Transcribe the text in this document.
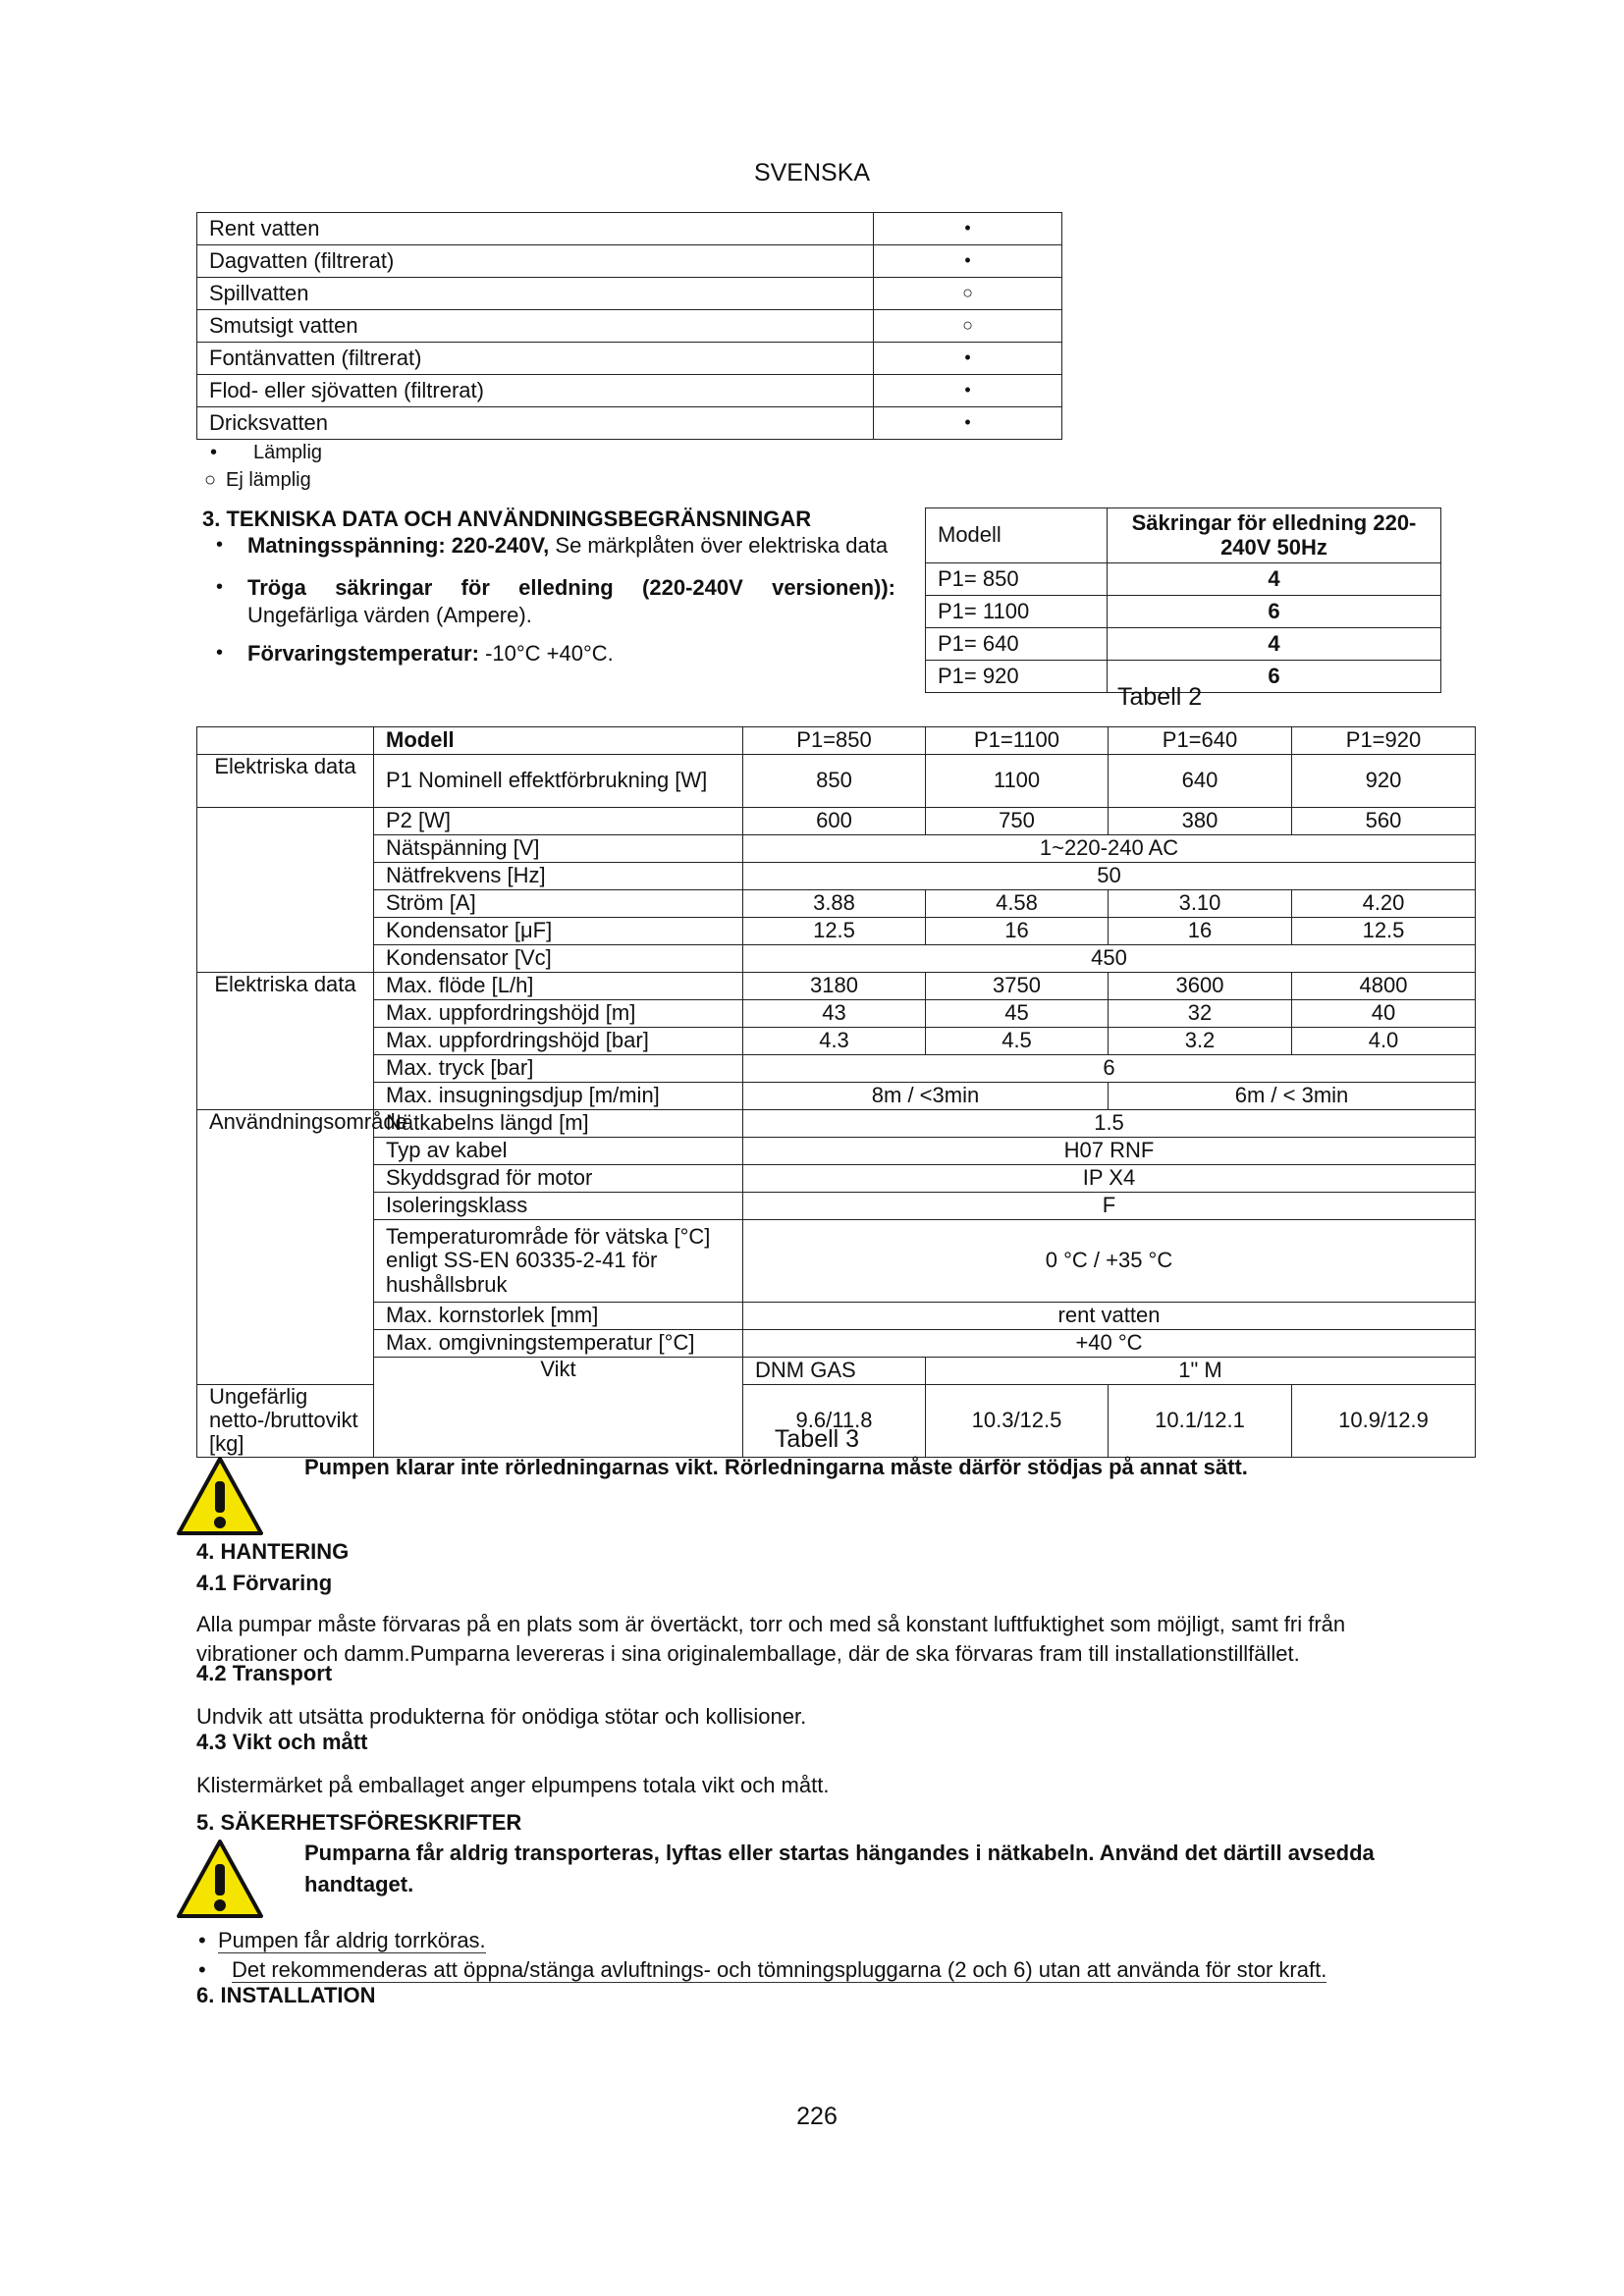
SVENSKA
Rent vatten	•
Dagvatten (filtrerat)	•
Spillvatten	○
Smutsigt vatten	○
Fontänvatten (filtrerat)	•
Flod- eller sjövatten (filtrerat)	•
Dricksvatten	•
• Lämplig
○ Ej lämplig
3. TEKNISKA DATA OCH ANVÄNDNINGSBEGRÄNSNINGAR
• Matningsspänning: 220-240V, Se märkplåten över elektriska data
• Tröga säkringar för elledning (220-240V versionen)): Ungefärliga värden (Ampere).
• Förvaringstemperatur: -10°C +40°C.
Modell	Säkringar för elledning 220-240V 50Hz
P1= 850	4
P1= 1100	6
P1= 640	4
P1= 920	6
Tabell 2
	Modell	P1=850	P1=1100	P1=640	P1=920
Elektriska data	P1 Nominell effektförbrukning [W]	850	1100	640	920
	P2 [W]	600	750	380	560
	Nätspänning [V]	1~220-240 AC			
	Nätfrekvens [Hz]	50			
	Ström [A]	3.88	4.58	3.10	4.20
	Kondensator [μF]	12.5	16	16	12.5
	Kondensator [Vc]	450			
Elektriska data	Max. flöde [L/h]	3180	3750	3600	4800
	Max. uppfordringshöjd [m]	43	45	32	40
	Max. uppfordringshöjd [bar]	4.3	4.5	3.2	4.0
	Max. tryck [bar]	6			
	Max. insugningsdjup [m/min]	8m / <3min		6m / < 3min	
Användningsområde	Nätkabelns längd [m]	1.5			
	Typ av kabel	H07 RNF			
	Skyddsgrad för motor	IP X4			
	Isoleringsklass	F			
	Temperaturområde för vätska [°C] enligt SS-EN 60335-2-41 för hushållsbruk	0 °C / +35 °C			
	Max. kornstorlek [mm]	rent vatten			
	Max. omgivningstemperatur [°C]	+40 °C			
	Vikt	DNM GAS	1" M		
Ungefärlig netto-/bruttovikt [kg]		9.6/11.8	10.3/12.5	10.1/12.1	10.9/12.9
Tabell 3
Pumpen klarar inte rörledningarnas vikt. Rörledningarna måste därför stödjas på annat sätt.
4. HANTERING
4.1 Förvaring
Alla pumpar måste förvaras på en plats som är övertäckt, torr och med så konstant luftfuktighet som möjligt, samt fri från vibrationer och damm.Pumparna levereras i sina originalemballage, där de ska förvaras fram till installationstillfället.
4.2 Transport
Undvik att utsätta produkterna för onödiga stötar och kollisioner.
4.3 Vikt och mått
Klistermärket på emballaget anger elpumpens totala vikt och mått.
5. SÄKERHETSFÖRESKRIFTER
Pumparna får aldrig transporteras, lyftas eller startas hängandes i nätkabeln. Använd det därtill avsedda handtaget.
• Pumpen får aldrig torrköras.
• Det rekommenderas att öppna/stänga avluftnings- och tömningspluggarna (2 och 6) utan att använda för stor kraft.
6. INSTALLATION
226
